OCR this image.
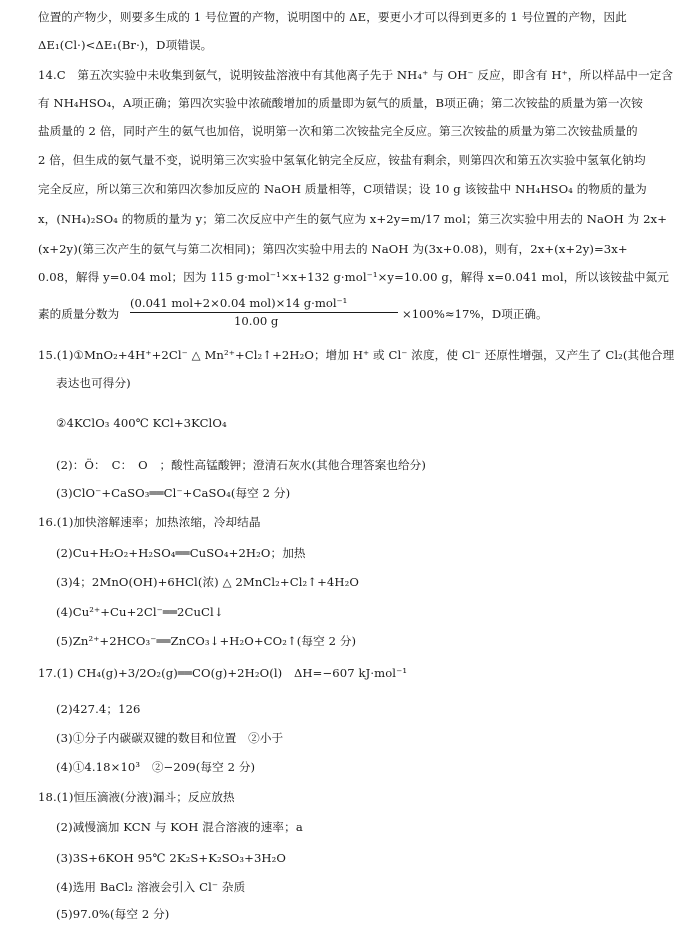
位置的产物少，则要多生成的 1 号位置的产物，说明图中的 ΔE，要更小才可以得到更多的 1 号位置的产物，因此
ΔE₁(Cl·)<ΔE₁(Br·)，D项错误。
14.C　第五次实验中未收集到氨气，说明铵盐溶液中有其他离子先于 NH₄⁺ 与 OH⁻ 反应，即含有 H⁺，所以样品中一定含
有 NH₄HSO₄，A项正确；第四次实验中浓硫酸增加的质量即为氨气的质量，B项正确；第二次铵盐的质量为第一次铵
盐质量的 2 倍，同时产生的氨气也加倍，说明第一次和第二次铵盐完全反应。第三次铵盐的质量为第二次铵盐质量的
2 倍，但生成的氨气量不变，说明第三次实验中氢氧化钠完全反应，铵盐有剩余，则第四次和第五次实验中氢氧化钠均
完全反应，所以第三次和第四次参加反应的 NaOH 质量相等，C项错误；设 10 g 该铵盐中 NH₄HSO₄ 的物质的量为
x，(NH₄)₂SO₄ 的物质的量为 y；第二次反应中产生的氨气应为 x+2y=m/17 mol；第三次实验中用去的 NaOH 为 2x+
(x+2y)(第三次产生的氨气与第二次相同)；第四次实验中用去的 NaOH 为(3x+0.08)，则有，2x+(x+2y)=3x+
0.08，解得 y=0.04 mol；因为 115 g·mol⁻¹×x+132 g·mol⁻¹×y=10.00 g，解得 x=0.041 mol，所以该铵盐中氮元
素的质量分数为
(0.041 mol+2×0.04 mol)×14 g·mol⁻¹
10.00 g	×100%≈17%，D项正确。
15.(1)①MnO₂+4H⁺+2Cl⁻ △ Mn²⁺+Cl₂↑+2H₂O；增加 H⁺ 或 Cl⁻ 浓度，使 Cl⁻ 还原性增强，又产生了 Cl₂(其他合理
表达也可得分)
②4KClO₃ 400℃ KCl+3KClO₄
(2)：Ö：　C：　O　；酸性高锰酸钾；澄清石灰水(其他合理答案也给分)
(3)ClO⁻+CaSO₃══Cl⁻+CaSO₄(每空 2 分)
16.(1)加快溶解速率；加热浓缩，冷却结晶
(2)Cu+H₂O₂+H₂SO₄══CuSO₄+2H₂O；加热
(3)4；2MnO(OH)+6HCl(浓) △ 2MnCl₂+Cl₂↑+4H₂O
(4)Cu²⁺+Cu+2Cl⁻══2CuCl↓
(5)Zn²⁺+2HCO₃⁻══ZnCO₃↓+H₂O+CO₂↑(每空 2 分)
17.(1) CH₄(g)+3/2O₂(g)══CO(g)+2H₂O(l)　ΔH=−607 kJ·mol⁻¹
(2)427.4；126
(3)①分子内碳碳双键的数目和位置　②小于
(4)①4.18×10³　②−209(每空 2 分)
18.(1)恒压滴液(分液)漏斗；反应放热
(2)减慢滴加 KCN 与 KOH 混合溶液的速率；a
(3)3S+6KOH 95℃ 2K₂S+K₂SO₃+3H₂O
(4)选用 BaCl₂ 溶液会引入 Cl⁻ 杂质
(5)97.0%(每空 2 分)
